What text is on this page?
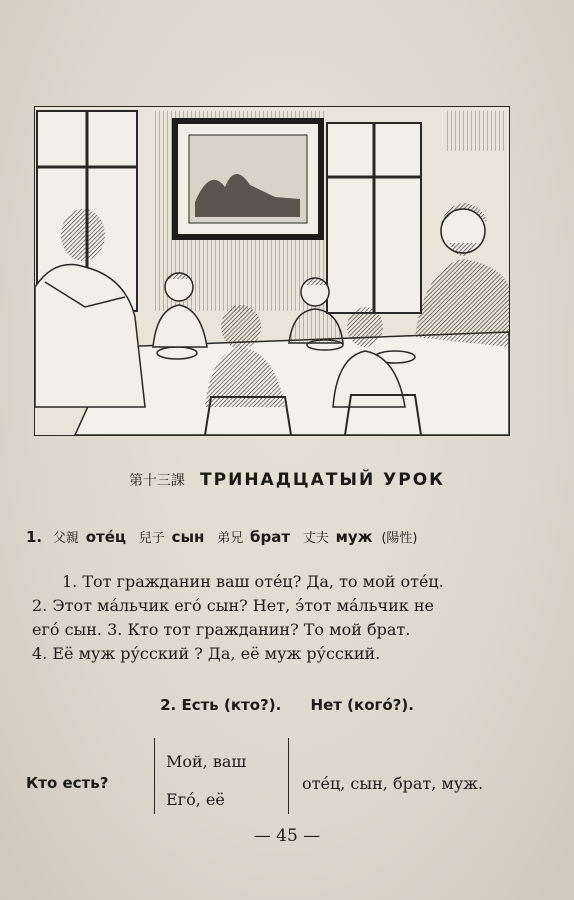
第十三課 ТРИНАДЦАТЫЙ УРОК
1. 父親 оте́ц 兒子 сын 弟兄 брат 丈夫 муж (陽性)
1. Тот гражданин ваш оте́ц? Да, то мой оте́ц.
2. Этот ма́льчик его́ сын? Нет, э́тот ма́льчик не
его́ сын. 3. Кто тот гражданин? То мой брат.
4. Её муж ру́сский ? Да, её муж ру́сский.
2. Есть (кто?). Нет (кого́?).
Кто есть?
Мой, ваш
Его́, её
оте́ц, сын, брат, муж.
— 45 —
